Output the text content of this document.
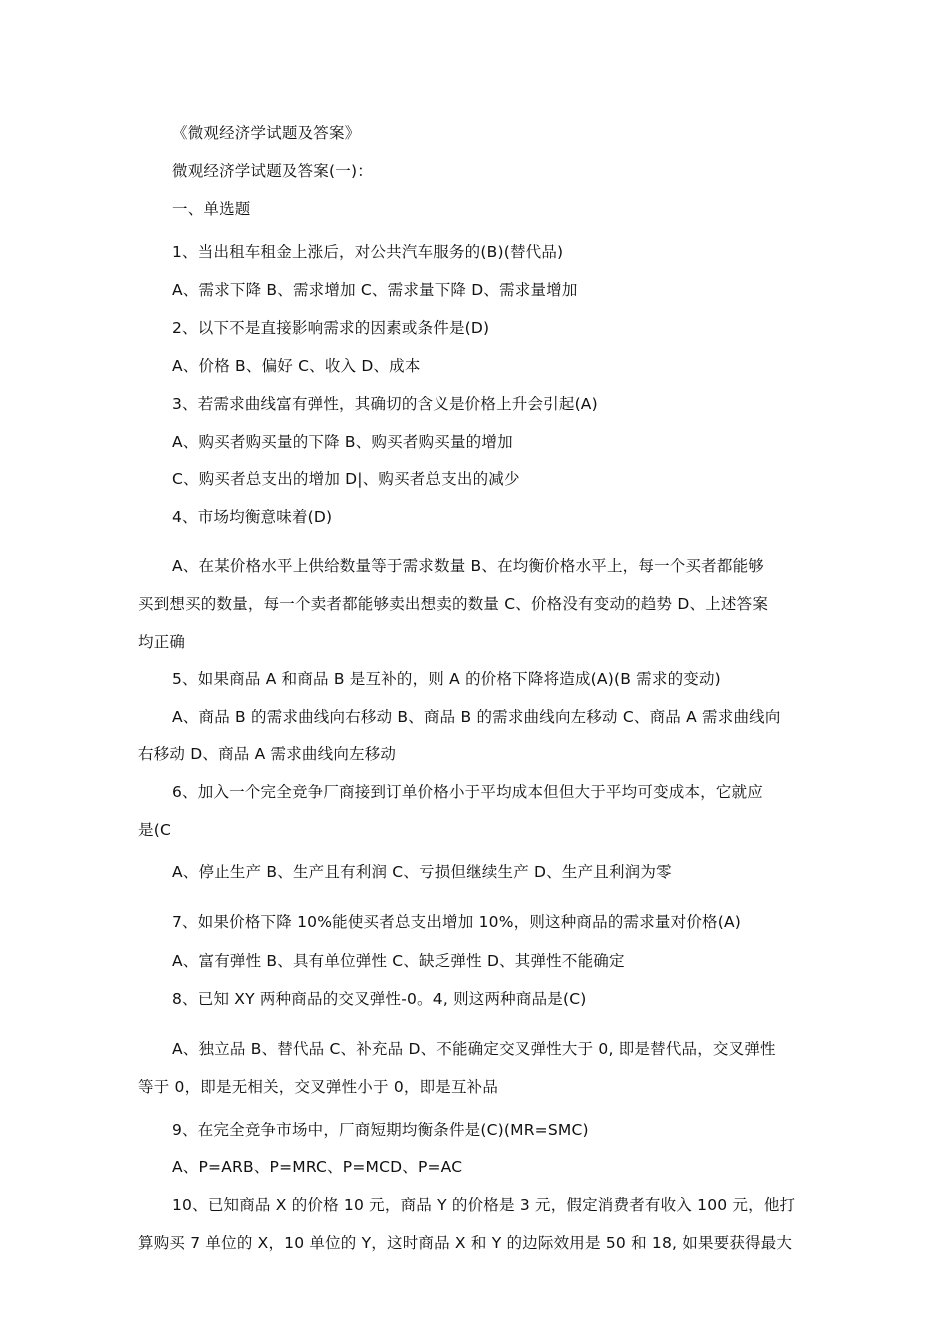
《微观经济学试题及答案》
微观经济学试题及答案(一)：
一、单选题
1、当出租车租金上涨后，对公共汽车服务的(B)(替代品)
A、需求下降 B、需求增加 C、需求量下降 D、需求量增加
2、以下不是直接影响需求的因素或条件是(D)
A、价格 B、偏好 C、收入 D、成本
3、若需求曲线富有弹性，其确切的含义是价格上升会引起(A)
A、购买者购买量的下降 B、购买者购买量的增加
C、购买者总支出的增加 D|、购买者总支出的减少
4、市场均衡意味着(D)
A、在某价格水平上供给数量等于需求数量 B、在均衡价格水平上，每一个买者都能够
买到想买的数量，每一个卖者都能够卖出想卖的数量 C、价格没有变动的趋势 D、上述答案
均正确
5、如果商品 A 和商品 B 是互补的，则 A 的价格下降将造成(A)(B 需求的变动)
A、商品 B 的需求曲线向右移动 B、商品 B 的需求曲线向左移动 C、商品 A 需求曲线向
右移动 D、商品 A 需求曲线向左移动
6、加入一个完全竞争厂商接到订单价格小于平均成本但但大于平均可变成本，它就应
是(C
A、停止生产 B、生产且有利润 C、亏损但继续生产 D、生产且利润为零
7、如果价格下降 10%能使买者总支出增加 10%，则这种商品的需求量对价格(A)
A、富有弹性 B、具有单位弹性 C、缺乏弹性 D、其弹性不能确定
8、已知 XY 两种商品的交叉弹性-0。4, 则这两种商品是(C)
A、独立品 B、替代品 C、补充品 D、不能确定交叉弹性大于 0, 即是替代品，交叉弹性
等于 0，即是无相关，交叉弹性小于 0，即是互补品
9、在完全竞争市场中，厂商短期均衡条件是(C)(MR=SMC)
A、P=ARB、P=MRC、P=MCD、P=AC
10、已知商品 X 的价格 10 元，商品 Y 的价格是 3 元，假定消费者有收入 100 元，他打
算购买 7 单位的 X，10 单位的 Y，这时商品 X 和 Y 的边际效用是 50 和 18, 如果要获得最大
